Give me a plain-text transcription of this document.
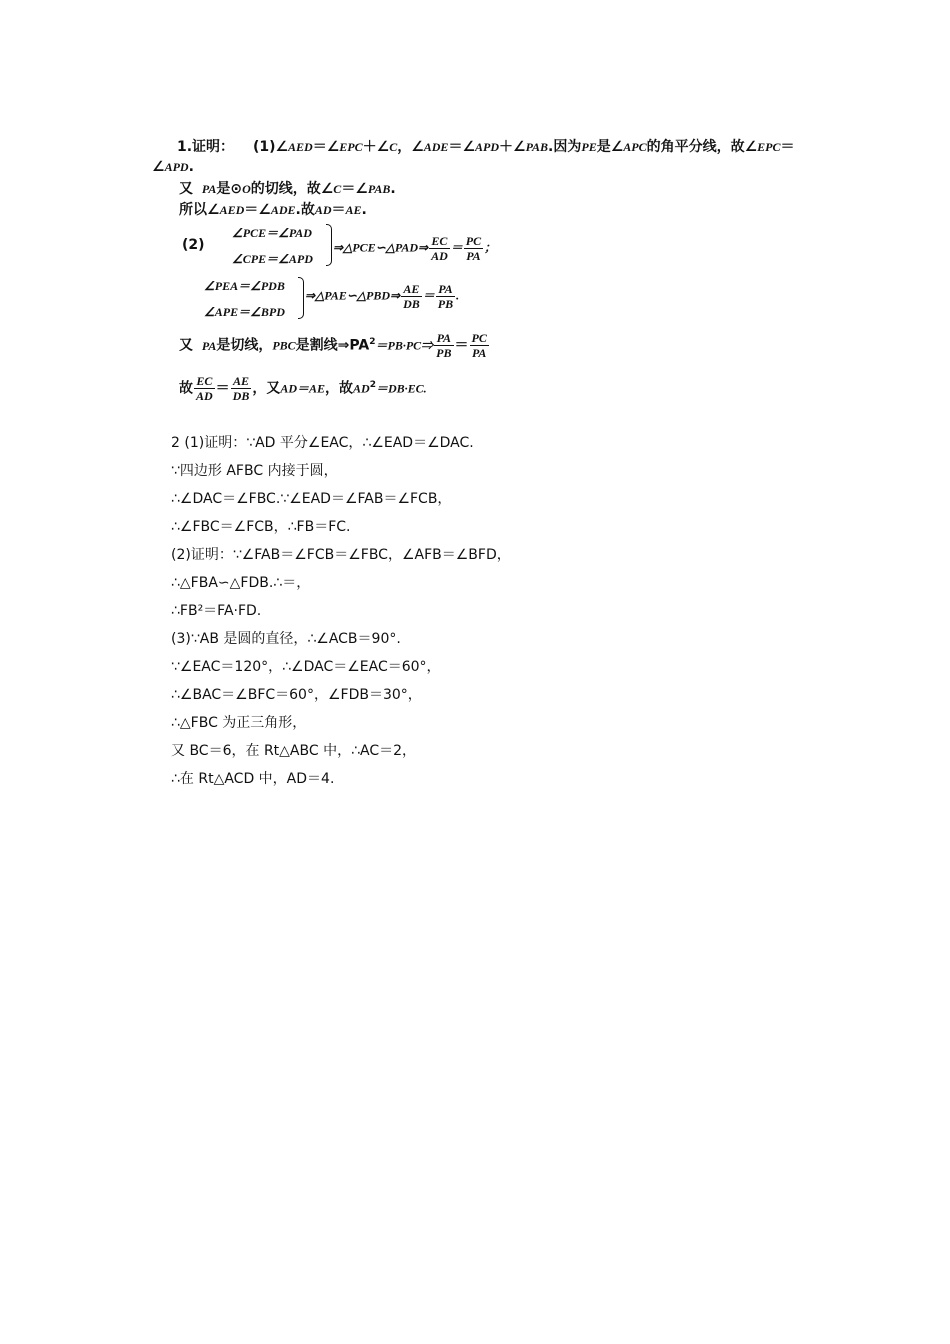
1.证明： (1)∠AED＝∠EPC＋∠C，∠ADE＝∠APD＋∠PAB.因为PE是∠APC的角平分线，故∠EPC＝
∠APD.
又 PA是⊙O的切线，故∠C＝∠PAB.
所以∠AED＝∠ADE.故AD＝AE.
(2)
∠PCE＝∠PAD
∠CPE＝∠APD
⇒△PCE∽△PAD⇒ $\frac{EC}{AD} = \frac{PC}{PA}$ ；
∠PEA＝∠PDB
∠APE＝∠BPD
⇒△PAE∽△PBD⇒ $\frac{AE}{DB} = \frac{PA}{PB}$ .
又 PA是切线，PBC是割线$\Rightarrow PA^2=PB\cdot PC\Rightarrow \frac{PA}{PB} = \frac{PC}{PA}$
故 $\frac{EC}{AD} = \frac{AE}{DB}$ ，又AD＝AE，故$AD^2=DB\cdot EC$.
2 (1)证明：∵AD 平分∠EAC，∴∠EAD＝∠DAC.
∵四边形 AFBC 内接于圆，
∴∠DAC＝∠FBC.∵∠EAD＝∠FAB＝∠FCB，
∴∠FBC＝∠FCB，∴FB＝FC.
(2)证明：∵∠FAB＝∠FCB＝∠FBC，∠AFB＝∠BFD，
∴△FBA∽△FDB.∴＝，
∴FB²＝FA·FD.
(3)∵AB 是圆的直径，∴∠ACB＝90°.
∵∠EAC＝120°，∴∠DAC＝∠EAC＝60°，
∴∠BAC＝∠BFC＝60°，∠FDB＝30°，
∴△FBC 为正三角形，
又 BC＝6，在 Rt△ABC 中，∴AC＝2，
∴在 Rt△ACD 中，AD＝4.
